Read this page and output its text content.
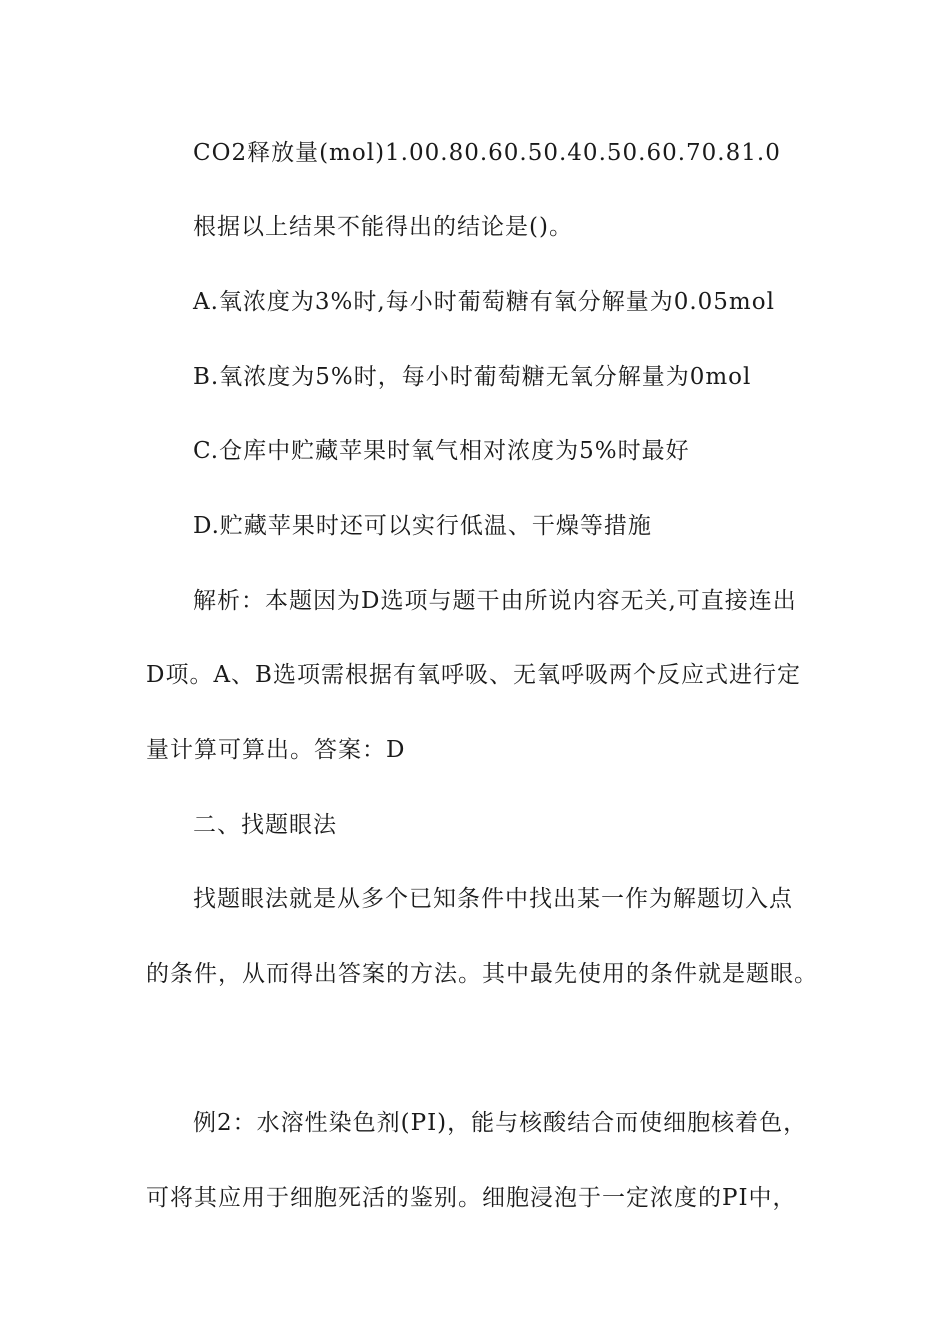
CO2释放量(mol)1.00.80.60.50.40.50.60.70.81.0
根据以上结果不能得出的结论是()。
A.氧浓度为3%时,每小时葡萄糖有氧分解量为0.05mol
B.氧浓度为5%时，每小时葡萄糖无氧分解量为0mol
C.仓库中贮藏苹果时氧气相对浓度为5%时最好
D.贮藏苹果时还可以实行低温、干燥等措施
解析：本题因为D选项与题干由所说内容无关,可直接连出
D项。A、B选项需根据有氧呼吸、无氧呼吸两个反应式进行定
量计算可算出。答案：D
二、找题眼法
找题眼法就是从多个已知条件中找出某一作为解题切入点
的条件，从而得出答案的方法。其中最先使用的条件就是题眼。
例2：水溶性染色剂(PI)，能与核酸结合而使细胞核着色，
可将其应用于细胞死活的鉴别。细胞浸泡于一定浓度的PI中，
